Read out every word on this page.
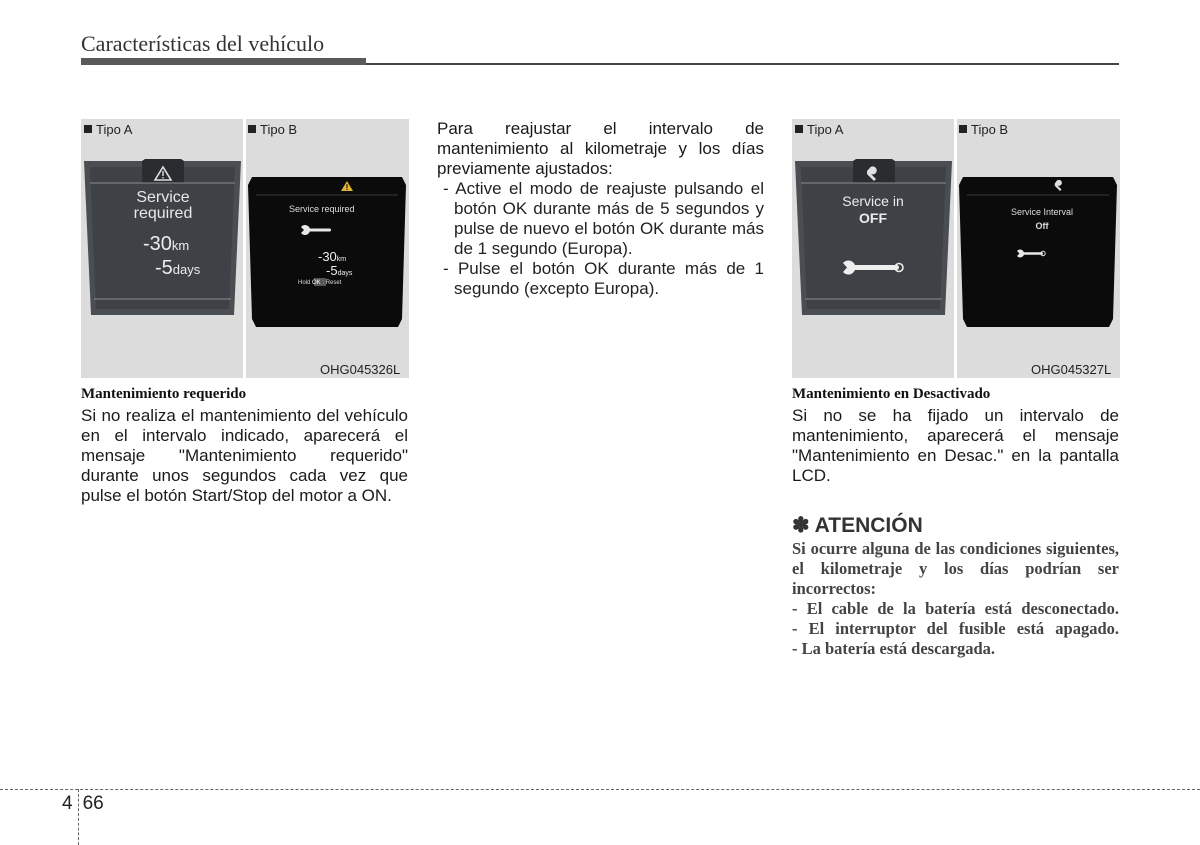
Características del vehículo
Tipo A	Tipo B
Service
required
-30km
-5days
Service required
-30km
-5days
Hold OK : Reset
OHG045326L
Mantenimiento requerido
Si no realiza el mantenimiento del vehículo en el intervalo indicado, aparecerá el mensaje "Mantenimiento requerido" durante unos segundos cada vez que pulse el botón Start/Stop del motor a ON.
Para reajustar el intervalo de mantenimiento al kilometraje y los días previamente ajustados:
- Active el modo de reajuste pulsando el botón OK durante más de 5 segundos y pulse de nuevo el botón OK durante más de 1 segundo (Europa).
- Pulse el botón OK durante más de 1 segundo (excepto Europa).
Tipo A	Tipo B
Service in
OFF	Service Interval
Off
OHG045327L
Mantenimiento en Desactivado
Si no se ha fijado un intervalo de mantenimiento, aparecerá el mensaje "Mantenimiento en Desac." en la pantalla LCD.
✽ ATENCIÓN
Si ocurre alguna de las condiciones siguientes, el kilometraje y los días podrían ser incorrectos:
- El cable de la batería está desconectado.
- El interruptor del fusible está apagado.
- La batería está descargada.
4 66
